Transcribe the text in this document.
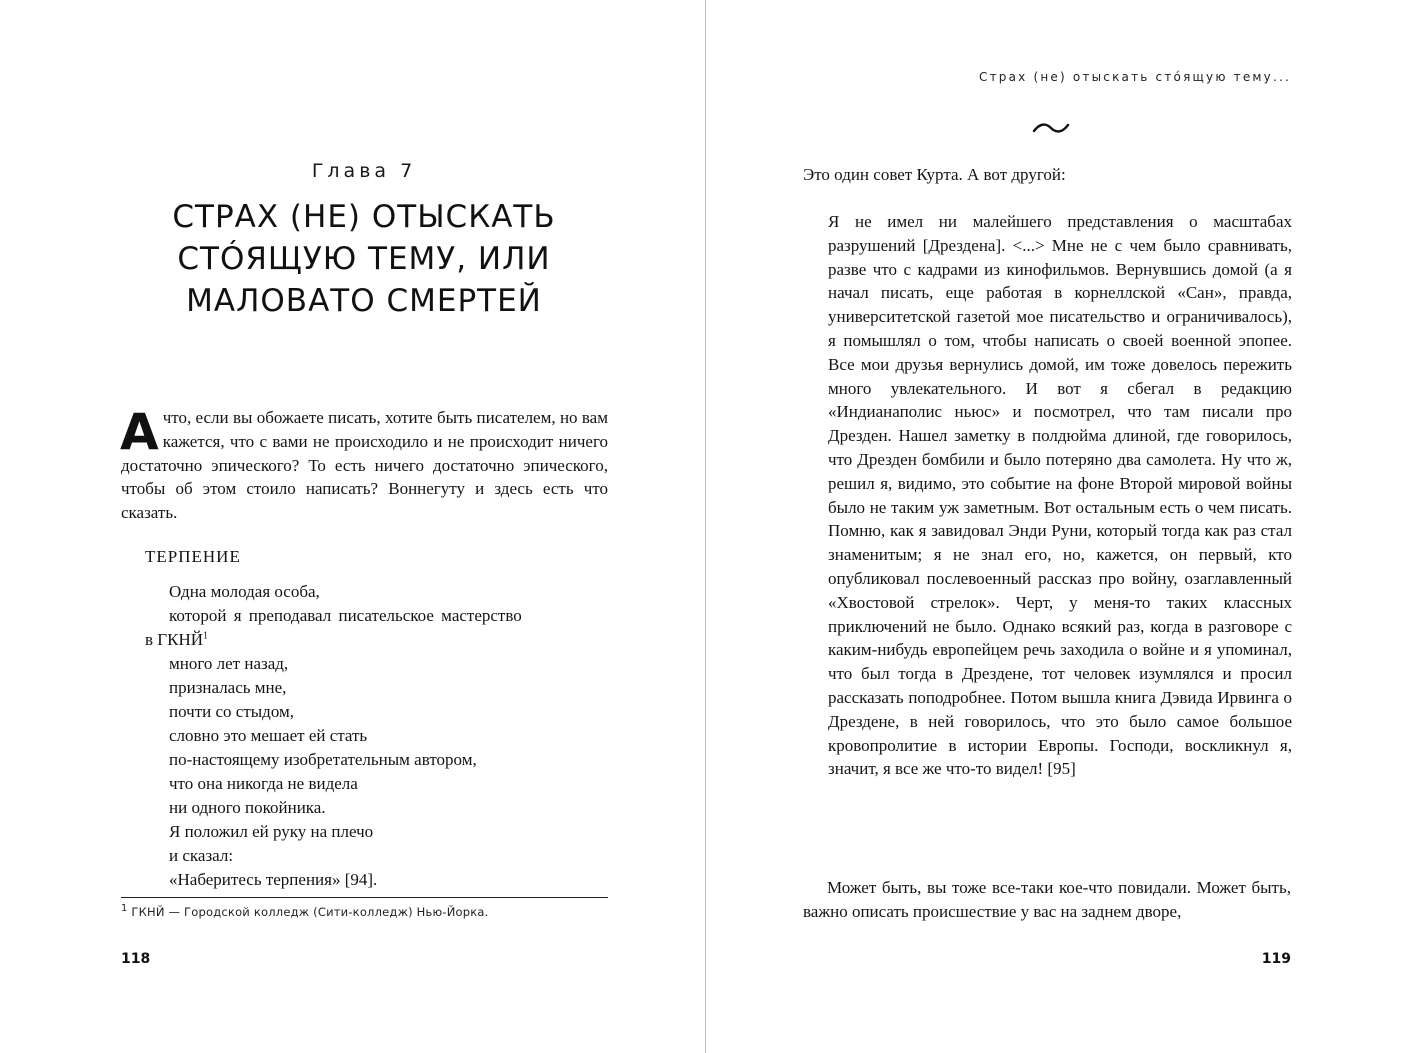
Глава 7
СТРАХ (НЕ) ОТЫСКАТЬ
СТÓЯЩУЮ ТЕМУ, ИЛИ
МАЛОВАТО СМЕРТЕЙ

Ачто, если вы обожаете писать, хотите быть писателем, но вам кажется, что с вами не происходило и не происходит ничего достаточно эпического? То есть ничего достаточно эпического, чтобы об этом стоило написать? Воннегуту и здесь есть что сказать.

ТЕРПЕНИЕ
Одна молодая особа,
которой я преподавал писательское мастерство
в ГКНЙ$^1$
много лет назад,
призналась мне,
почти со стыдом,
словно это мешает ей стать
по-настоящему изобретательным автором,
что она никогда не видела
ни одного покойника.
Я положил ей руку на плечо
и сказал:
«Наберитесь терпения» [94].
1 ГКНЙ — Городской колледж (Сити-колледж) Нью-Йорка.
118
Страх (не) отыскать стóящую тему...

Это один совет Курта. А вот другой:

Я не имел ни малейшего представления о масштабах разрушений [Дрездена]. <...> Мне не с чем было сравнивать, разве что с кадрами из кинофильмов. Вернувшись домой (а я начал писать, еще работая в корнеллской «Сан», правда, университетской газетой мое писательство и ограничивалось), я помышлял о том, чтобы написать о своей военной эпопее. Все мои друзья вернулись домой, им тоже довелось пережить много увлекательного. И вот я сбегал в редакцию «Индианаполис ньюс» и посмотрел, что там писали про Дрезден. Нашел заметку в полдюйма длиной, где говорилось, что Дрезден бомбили и было потеряно два самолета. Ну что ж, решил я, видимо, это событие на фоне Второй мировой войны было не таким уж заметным. Вот остальным есть о чем писать. Помню, как я завидовал Энди Руни, который тогда как раз стал знаменитым; я не знал его, но, кажется, он первый, кто опубликовал послевоенный рассказ про войну, озаглавленный «Хвостовой стрелок». Черт, у меня-то таких классных приключений не было. Однако всякий раз, когда в разговоре с каким-нибудь европейцем речь заходила о войне и я упоминал, что был тогда в Дрездене, тот человек изумлялся и просил рассказать поподробнее. Потом вышла книга Дэвида Ирвинга о Дрездене, в ней говорилось, что это было самое большое кровопролитие в истории Европы. Господи, воскликнул я, значит, я все же что-то видел! [95]

Может быть, вы тоже все-таки кое-что повидали. Может быть, важно описать происшествие у вас на заднем дворе,

119
